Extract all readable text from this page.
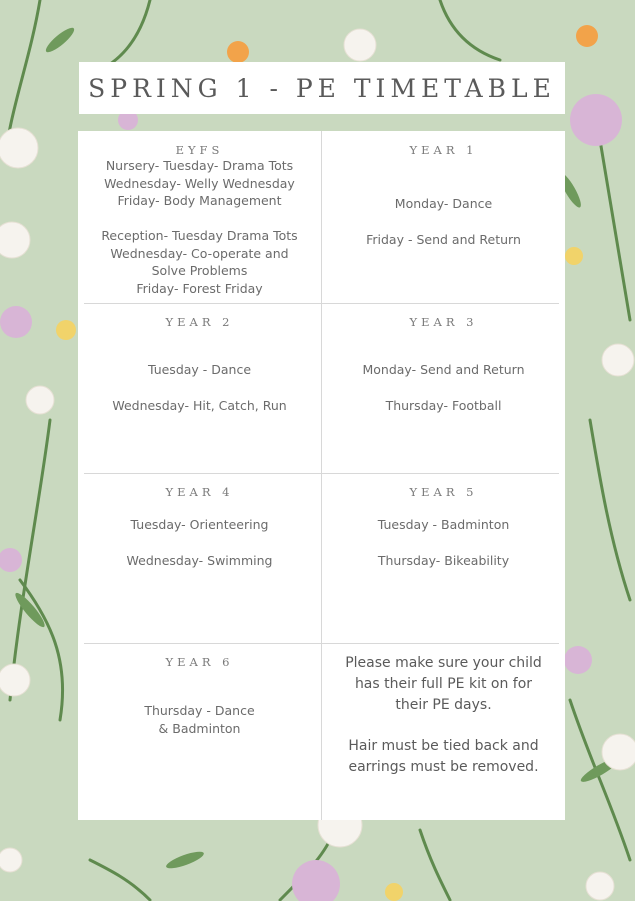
SPRING 1 - PE TIMETABLE
EYFS
Nursery- Tuesday- Drama Tots
Wednesday- Welly Wednesday
Friday- Body Management
Reception- Tuesday Drama Tots
Wednesday- Co-operate and
Solve Problems
Friday- Forest Friday
YEAR 1
Monday- Dance
Friday - Send and Return
YEAR 2
Tuesday - Dance
Wednesday- Hit, Catch, Run
YEAR 3
Monday- Send and Return
Thursday- Football
YEAR 4
Tuesday- Orienteering
Wednesday- Swimming
YEAR 5
Tuesday - Badminton
Thursday- Bikeability
YEAR 6
Thursday - Dance
& Badminton
Please make sure your child
has their full PE kit on for
their PE days.
Hair must be tied back and
earrings must be removed.
